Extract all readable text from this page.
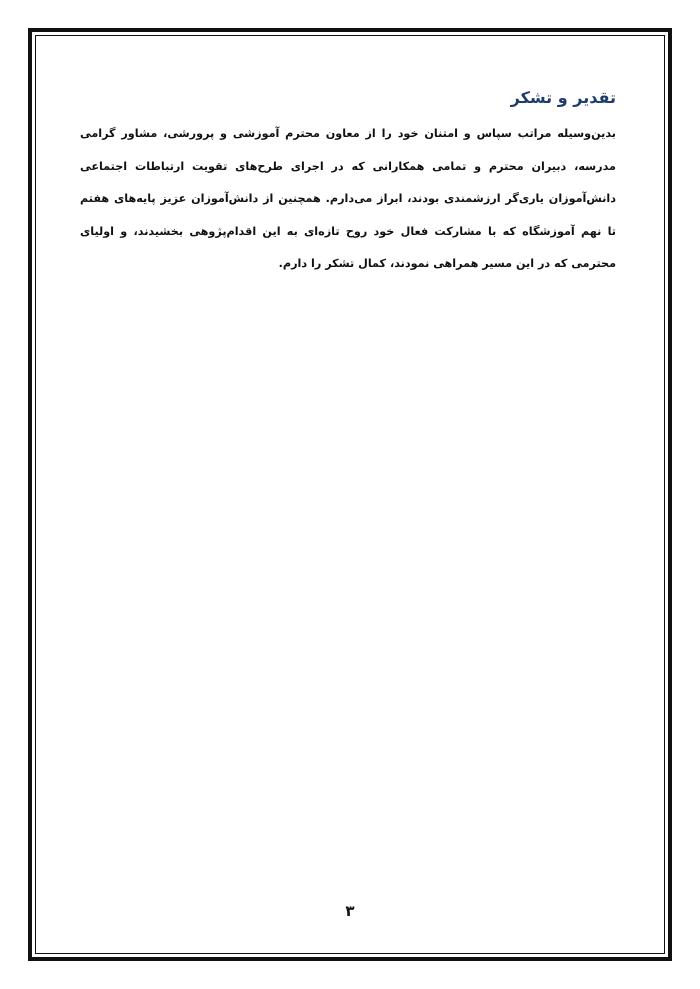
تقدیر و تشکر

بدین‌وسیله مراتب سپاس و امتنان خود را از معاون محترم آموزشی و پرورشی، مشاور گرامی مدرسه، دبیران محترم و تمامی همکارانی که در اجرای طرح‌های تقویت ارتباطات اجتماعی دانش‌آموزان یاری‌گر ارزشمندی بودند، ابراز می‌دارم. همچنین از دانش‌آموزان عزیز پایه‌های هفتم تا نهم آموزشگاه که با مشارکت فعال خود روح تازه‌ای به این اقدام‌پژوهی بخشیدند، و اولیای محترمی که در این مسیر همراهی نمودند، کمال تشکر را دارم.

۳
